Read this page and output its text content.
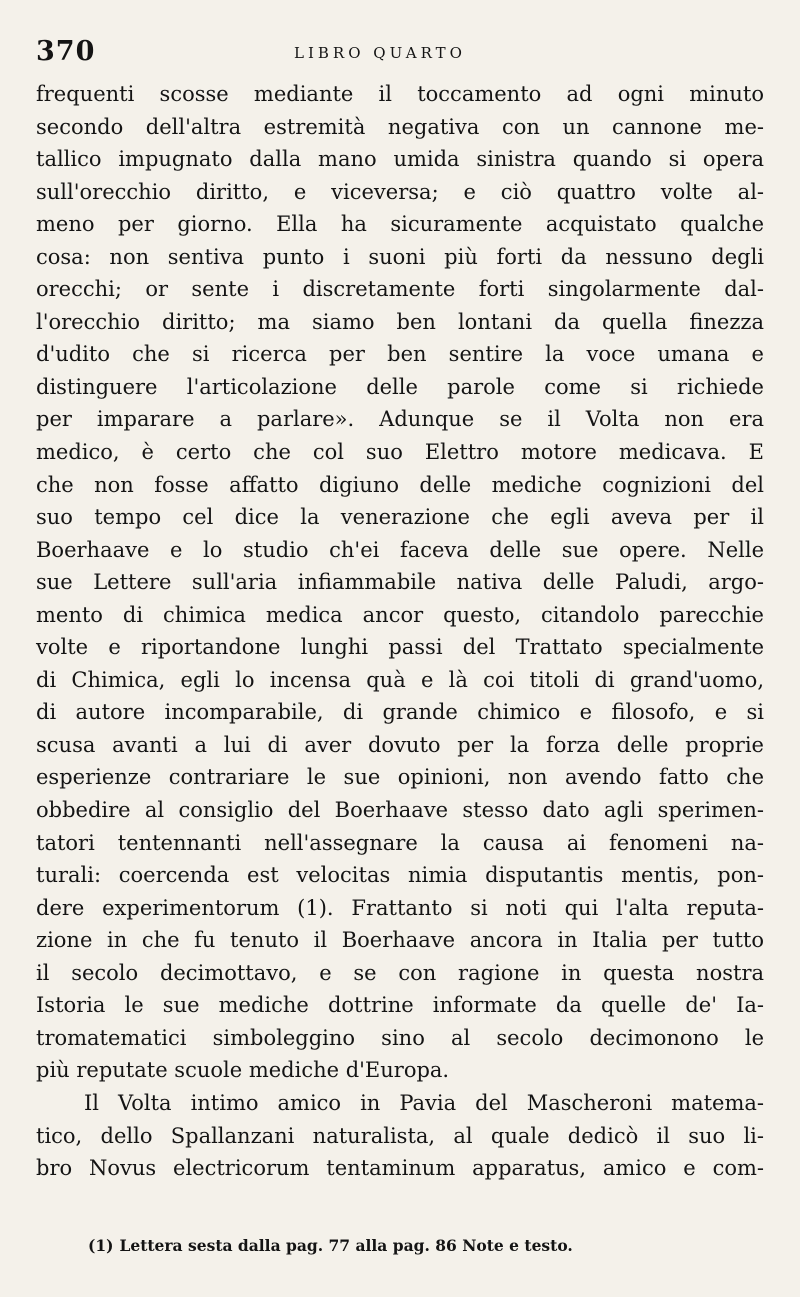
370	LIBRO QUARTO
frequenti scosse mediante il toccamento ad ogni minuto
secondo dell'altra estremità negativa con un cannone me-
tallico impugnato dalla mano umida sinistra quando si opera
sull'orecchio diritto, e viceversa; e ciò quattro volte al-
meno per giorno. Ella ha sicuramente acquistato qualche
cosa: non sentiva punto i suoni più forti da nessuno degli
orecchi; or sente i discretamente forti singolarmente dal-
l'orecchio diritto; ma siamo ben lontani da quella finezza
d'udito che si ricerca per ben sentire la voce umana e
distinguere l'articolazione delle parole come si richiede
per imparare a parlare». Adunque se il Volta non era
medico, è certo che col suo Elettro motore medicava. E
che non fosse affatto digiuno delle mediche cognizioni del
suo tempo cel dice la venerazione che egli aveva per il
Boerhaave e lo studio ch'ei faceva delle sue opere. Nelle
sue Lettere sull'aria infiammabile nativa delle Paludi, argo-
mento di chimica medica ancor questo, citandolo parecchie
volte e riportandone lunghi passi del Trattato specialmente
di Chimica, egli lo incensa quà e là coi titoli di grand'uomo,
di autore incomparabile, di grande chimico e filosofo, e si
scusa avanti a lui di aver dovuto per la forza delle proprie
esperienze contrariare le sue opinioni, non avendo fatto che
obbedire al consiglio del Boerhaave stesso dato agli sperimen-
tatori tentennanti nell'assegnare la causa ai fenomeni na-
turali: coercenda est velocitas nimia disputantis mentis, pon-
dere experimentorum (1). Frattanto si noti qui l'alta reputa-
zione in che fu tenuto il Boerhaave ancora in Italia per tutto
il secolo decimottavo, e se con ragione in questa nostra
Istoria le sue mediche dottrine informate da quelle de' Ia-
tromatematici simboleggino sino al secolo decimonono le
più reputate scuole mediche d'Europa.
Il Volta intimo amico in Pavia del Mascheroni matema-
tico, dello Spallanzani naturalista, al quale dedicò il suo li-
bro Novus electricorum tentaminum apparatus, amico e com-
(1) Lettera sesta dalla pag. 77 alla pag. 86 Note e testo.
